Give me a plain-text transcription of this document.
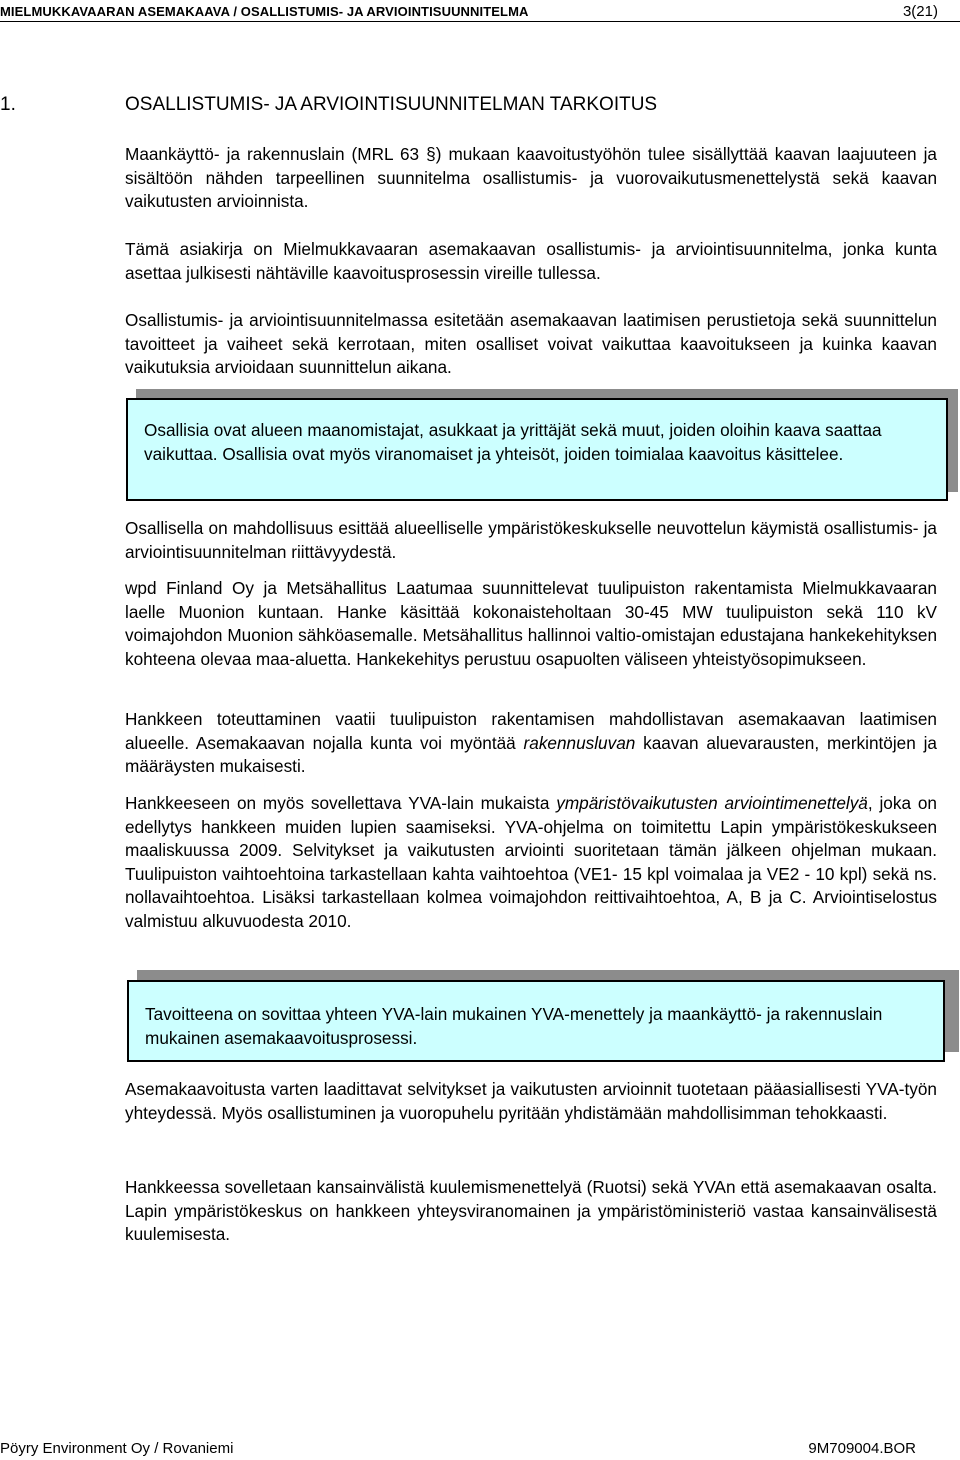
MIELMUKKAVAARAN ASEMAKAAVA / OSALLISTUMIS- JA ARVIOINTISUUNNITELMA	3(21)
1.	OSALLISTUMIS- JA ARVIOINTISUUNNITELMAN TARKOITUS

Maankäyttö- ja rakennuslain (MRL 63 §) mukaan kaavoitustyöhön tulee sisällyttää kaavan laajuuteen ja sisältöön nähden tarpeellinen suunnitelma osallistumis- ja vuorovaikutusmenettelystä sekä kaavan vaikutusten arvioinnista.

Tämä asiakirja on Mielmukkavaaran asemakaavan osallistumis- ja arviointisuunnitelma, jonka kunta asettaa julkisesti nähtäville kaavoitusprosessin vireille tullessa.

Osallistumis- ja arviointisuunnitelmassa esitetään asemakaavan laatimisen perustietoja sekä suunnittelun tavoitteet ja vaiheet sekä kerrotaan, miten osalliset voivat vaikuttaa kaavoitukseen ja kuinka kaavan vaikutuksia arvioidaan suunnittelun aikana.

Osallisia ovat alueen maanomistajat, asukkaat ja yrittäjät sekä muut, joiden oloihin kaava saattaa vaikuttaa. Osallisia ovat myös viranomaiset ja yhteisöt, joiden toimialaa kaavoitus käsittelee.

Osallisella on mahdollisuus esittää alueelliselle ympäristökeskukselle neuvottelun käymistä osallistumis- ja arviointisuunnitelman riittävyydestä.

wpd Finland Oy ja Metsähallitus Laatumaa suunnittelevat tuulipuiston rakentamista Mielmukkavaaran laelle Muonion kuntaan. Hanke käsittää kokonaisteholtaan 30-45 MW tuulipuiston sekä 110 kV voimajohdon Muonion sähköasemalle. Metsähallitus hallinnoi valtio-omistajan edustajana hankekehityksen kohteena olevaa maa-aluetta. Hankekehitys perustuu osapuolten väliseen yhteistyösopimukseen.

Hankkeen toteuttaminen vaatii tuulipuiston rakentamisen mahdollistavan asemakaavan laatimisen alueelle. Asemakaavan nojalla kunta voi myöntää rakennusluvan kaavan aluevarausten, merkintöjen ja määräysten mukaisesti.

Hankkeeseen on myös sovellettava YVA-lain mukaista ympäristövaikutusten arviointimenettelyä, joka on edellytys hankkeen muiden lupien saamiseksi. YVA-ohjelma on toimitettu Lapin ympäristökeskukseen maaliskuussa 2009. Selvitykset ja vaikutusten arviointi suoritetaan tämän jälkeen ohjelman mukaan. Tuulipuiston vaihtoehtoina tarkastellaan kahta vaihtoehtoa (VE1- 15 kpl voimalaa ja VE2 - 10 kpl) sekä ns. nollavaihtoehtoa. Lisäksi tarkastellaan kolmea voimajohdon reittivaihtoehtoa, A, B ja C. Arviointiselostus valmistuu alkuvuodesta 2010.

Tavoitteena on sovittaa yhteen YVA-lain mukainen YVA-menettely ja maankäyttö- ja rakennuslain mukainen asemakaavoitusprosessi.

Asemakaavoitusta varten laadittavat selvitykset ja vaikutusten arvioinnit tuotetaan pääasiallisesti YVA-työn yhteydessä. Myös osallistuminen ja vuoropuhelu pyritään yhdistämään mahdollisimman tehokkaasti.

Hankkeessa sovelletaan kansainvälistä kuulemismenettelyä (Ruotsi) sekä YVAn että asemakaavan osalta. Lapin ympäristökeskus on hankkeen yhteysviranomainen ja ympäristöministeriö vastaa kansainvälisestä kuulemisesta.

Pöyry Environment Oy / Rovaniemi	9M709004.BOR
